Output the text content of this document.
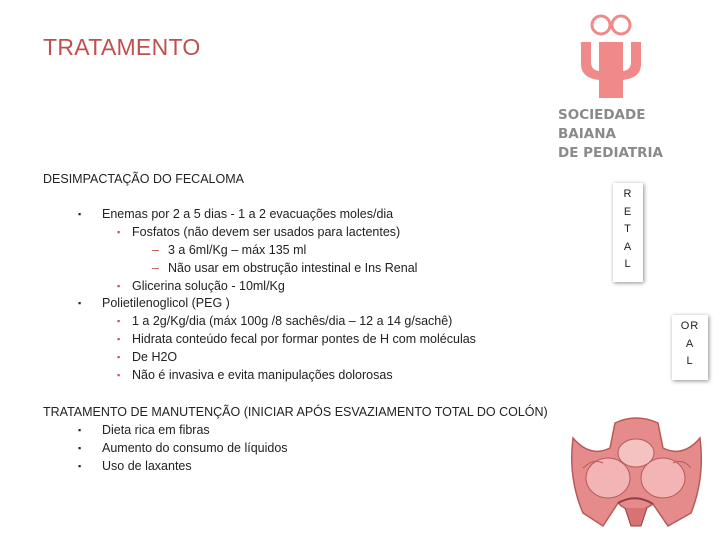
TRATAMENTO
SOCIEDADE
BAIANA
DE PEDIATRIA
DESIMPACTAÇÃO DO FECALOMA
▪ Enemas por 2 a 5 dias - 1 a 2 evacuações moles/dia
▪ Fosfatos (não devem ser usados para lactentes)
– 3 a 6ml/Kg – máx 135 ml
– Não usar em obstrução intestinal e Ins Renal
▪ Glicerina solução - 10ml/Kg
▪ Polietilenoglicol (PEG )
▪ 1 a 2g/Kg/dia (máx 100g /8 sachês/dia – 12 a 14 g/sachê)
▪ Hidrata conteúdo fecal por formar pontes de H com moléculas
▪ De H2O
▪ Não é invasiva e evita manipulações dolorosas
TRATAMENTO DE MANUTENÇÃO (INICIAR APÓS ESVAZIAMENTO TOTAL DO COLÓN)
▪ Dieta rica em fibras
▪ Aumento do consumo de líquidos
▪ Uso de laxantes
R
E
T
A
L
OR
A
L
